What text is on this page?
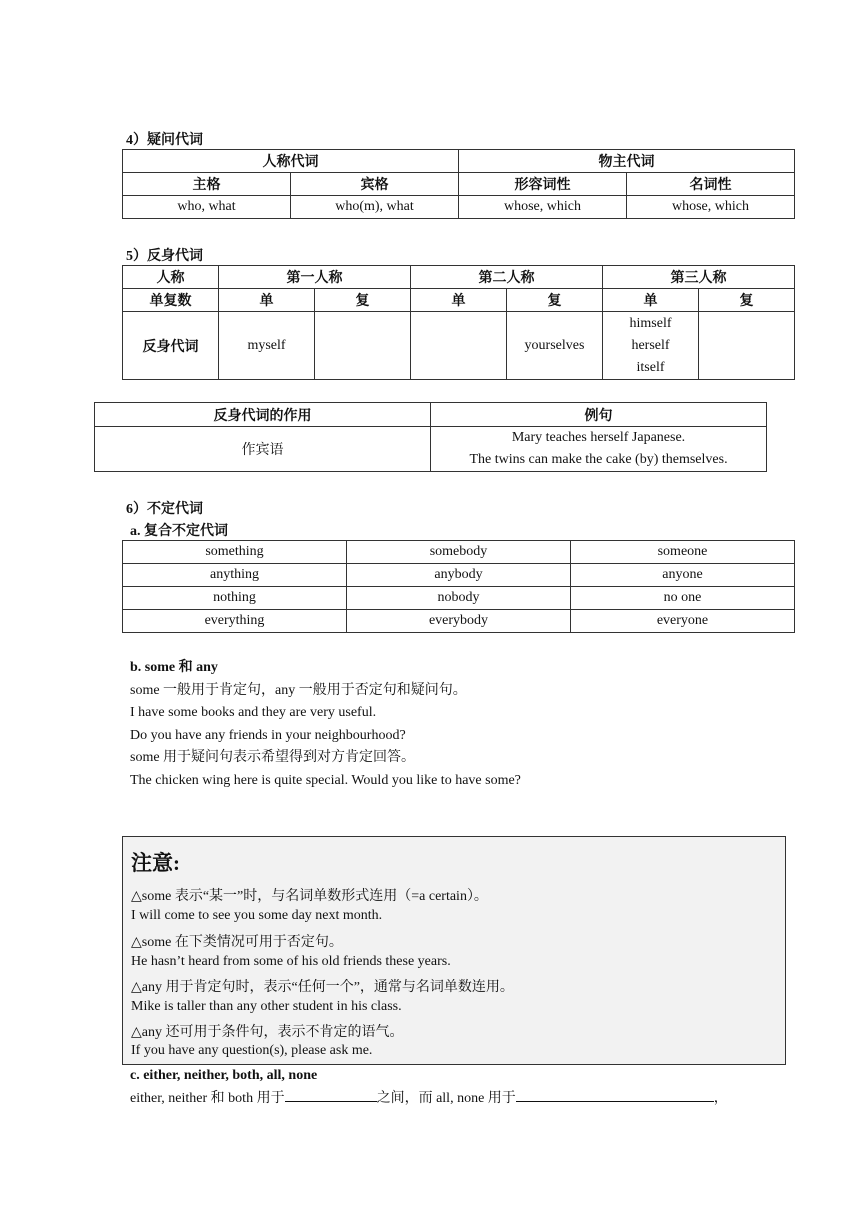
4）疑问代词
人称代词		物主代词	
主格	宾格	形容词性	名词性
who, what	who(m), what	whose, which	whose, which
5）反身代词
人称	第一人称		第二人称		第三人称	
单复数	单	复	单	复	单	复
反身代词	myself			yourselves	himself
herself
itself	

反身代词的作用	例句
作宾语	Mary teaches herself Japanese.
The twins can make the cake (by) themselves.
6）不定代词
a. 复合不定代词
something	somebody	someone
anything	anybody	anyone
nothing	nobody	no one
everything	everybody	everyone
b. some 和 any
some 一般用于肯定句，any 一般用于否定句和疑问句。
I have some books and they are very useful.
Do you have any friends in your neighbourhood?
some 用于疑问句表示希望得到对方肯定回答。
The chicken wing here is quite special. Would you like to have some?
注意:
△some 表示“某一”时，与名词单数形式连用（=a certain）。
I will come to see you some day next month.
△some 在下类情况可用于否定句。
He hasn’t heard from some of his old friends these years.
△any 用于肯定句时，表示“任何一个”，通常与名词单数连用。
Mike is taller than any other student in his class.
△any 还可用于条件句，表示不肯定的语气。
If you have any question(s), please ask me.
c. either, neither, both, all, none
either, neither 和 both 用于	之间，而 all, none 用于	，
